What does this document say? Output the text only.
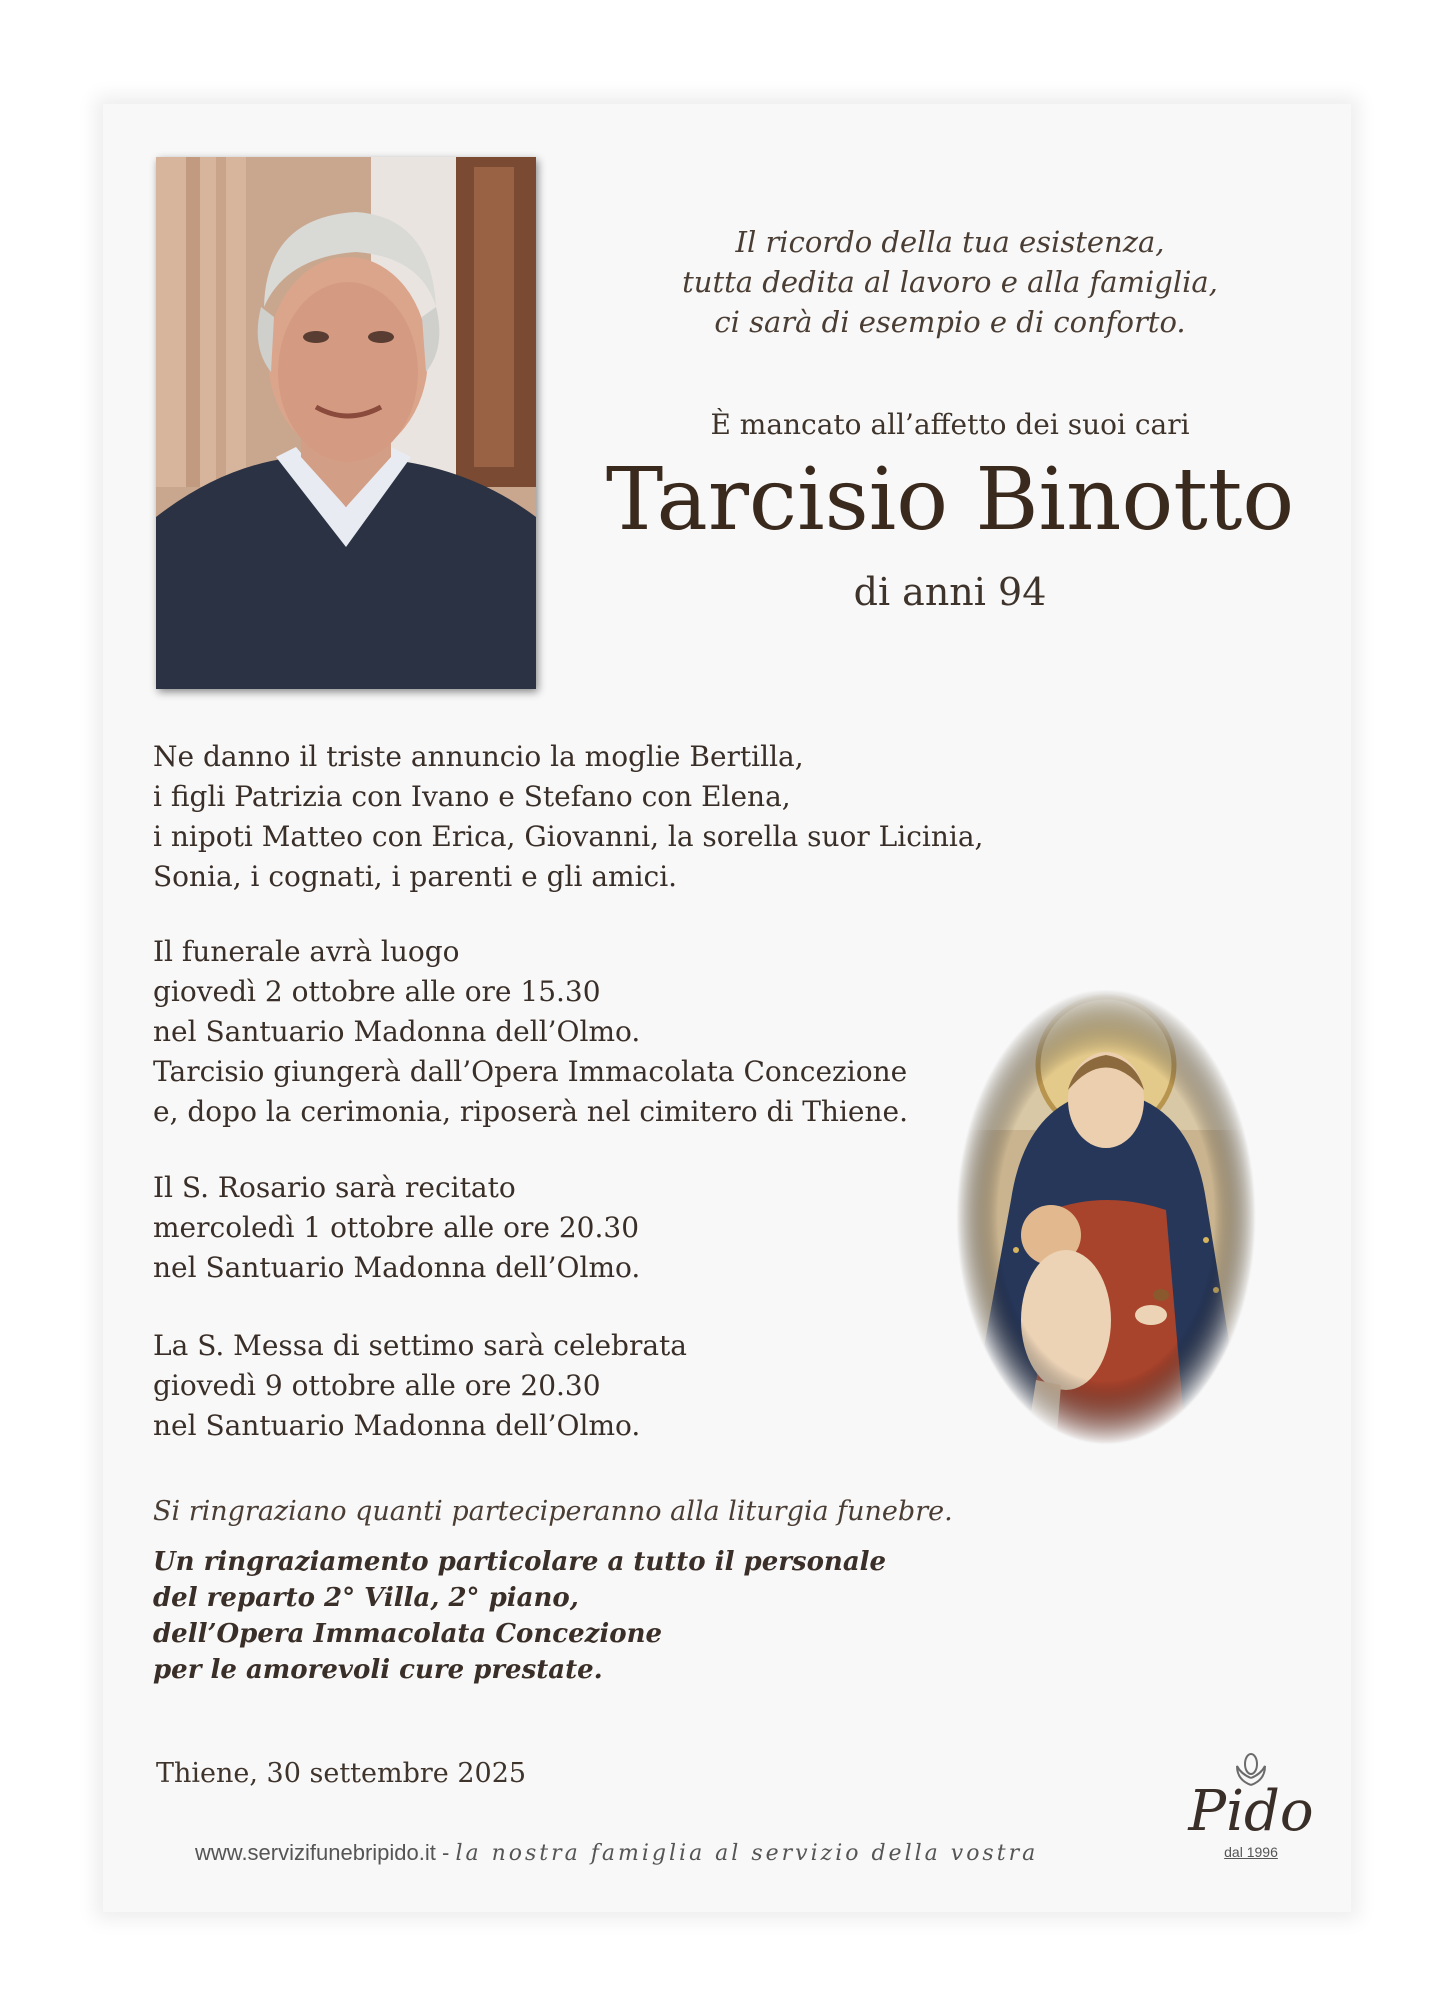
Il ricordo della tua esistenza,
tutta dedita al lavoro e alla famiglia,
ci sarà di esempio e di conforto.
È mancato all’affetto dei suoi cari
Tarcisio Binotto
di anni 94
Ne danno il triste annuncio la moglie Bertilla,
i figli Patrizia con Ivano e Stefano con Elena,
i nipoti Matteo con Erica, Giovanni, la sorella suor Licinia,
Sonia, i cognati, i parenti e gli amici.
Il funerale avrà luogo
giovedì 2 ottobre alle ore 15.30
nel Santuario Madonna dell’Olmo.
Tarcisio giungerà dall’Opera Immacolata Concezione
e, dopo la cerimonia, riposerà nel cimitero di Thiene.
Il S. Rosario sarà recitato
mercoledì 1 ottobre alle ore 20.30
nel Santuario Madonna dell’Olmo.
La S. Messa di settimo sarà celebrata
giovedì 9 ottobre alle ore 20.30
nel Santuario Madonna dell’Olmo.
Si ringraziano quanti parteciperanno alla liturgia funebre.
Un ringraziamento particolare a tutto il personale
del reparto 2° Villa, 2° piano,
dell’Opera Immacolata Concezione
per le amorevoli cure prestate.
Thiene, 30 settembre 2025
www.servizifunebripido.it - la nostra famiglia al servizio della vostra
Pido
dal 1996
